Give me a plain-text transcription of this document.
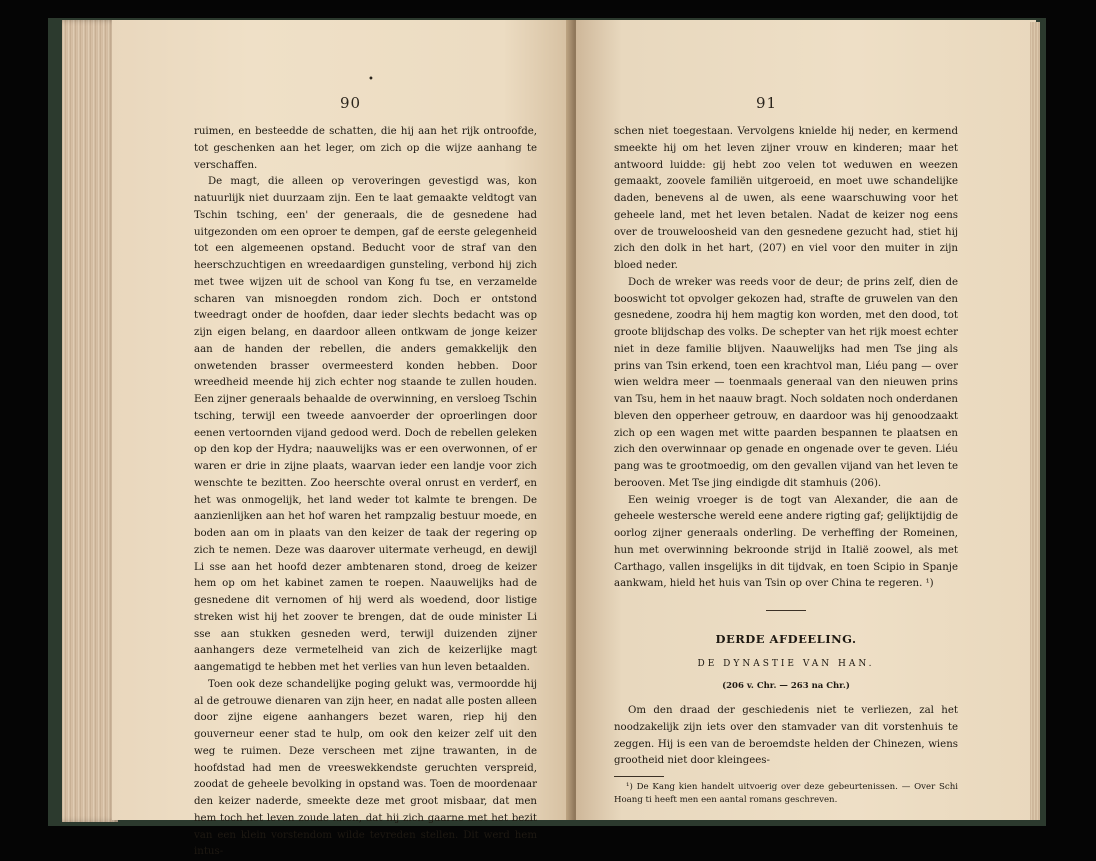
•
90

ruimen, en besteedde de schatten, die hij aan het rijk ontroofde, tot geschenken aan het leger, om zich op die wijze aanhang te verschaffen.

De magt, die alleen op veroveringen gevestigd was, kon natuurlijk niet duurzaam zijn. Een te laat gemaakte veldtogt van Tschin tsching, een' der generaals, die de gesnedene had uitgezonden om een oproer te dempen, gaf de eerste gelegenheid tot een algemeenen opstand. Beducht voor de straf van den heerschzuchtigen en wreedaardigen gunsteling, verbond hij zich met twee wijzen uit de school van Kong fu tse, en verzamelde scharen van misnoegden rondom zich. Doch er ontstond tweedragt onder de hoofden, daar ieder slechts bedacht was op zijn eigen belang, en daardoor alleen ontkwam de jonge keizer aan de handen der rebellen, die anders gemakkelijk den onwetenden brasser overmeesterd konden hebben. Door wreedheid meende hij zich echter nog staande te zullen houden. Een zijner generaals behaalde de overwinning, en versloeg Tschin tsching, terwijl een tweede aanvoerder der oproerlingen door eenen vertoornden vijand gedood werd. Doch de rebellen geleken op den kop der Hydra; naauwelijks was er een overwonnen, of er waren er drie in zijne plaats, waarvan ieder een landje voor zich wenschte te bezitten. Zoo heerschte overal onrust en verderf, en het was onmogelijk, het land weder tot kalmte te brengen. De aanzienlijken aan het hof waren het rampzalig bestuur moede, en boden aan om in plaats van den keizer de taak der regering op zich te nemen. Deze was daarover uitermate verheugd, en dewijl Li sse aan het hoofd dezer ambtenaren stond, droeg de keizer hem op om het kabinet zamen te roepen. Naauwelijks had de gesnedene dit vernomen of hij werd als woedend, door listige streken wist hij het zoover te brengen, dat de oude minister Li sse aan stukken gesneden werd, terwijl duizenden zijner aanhangers deze vermetelheid van zich de keizerlijke magt aangematigd te hebben met het verlies van hun leven betaalden.

Toen ook deze schandelijke poging gelukt was, vermoordde hij al de getrouwe dienaren van zijn heer, en nadat alle posten alleen door zijne eigene aanhangers bezet waren, riep hij den gouverneur eener stad te hulp, om ook den keizer zelf uit den weg te ruimen. Deze verscheen met zijne trawanten, in de hoofdstad had men de vreeswekkendste geruchten verspreid, zoodat de geheele bevolking in opstand was. Toen de moordenaar den keizer naderde, smeekte deze met groot misbaar, dat men hem toch het leven zoude laten, dat hij zich gaarne met het bezit van een klein vorstendom wilde tevreden stellen. Dit werd hem intus-

91

schen niet toegestaan. Vervolgens knielde hij neder, en kermend smeekte hij om het leven zijner vrouw en kinderen; maar het antwoord luidde: gij hebt zoo velen tot weduwen en weezen gemaakt, zoovele familiën uitgeroeid, en moet uwe schandelijke daden, benevens al de uwen, als eene waarschuwing voor het geheele land, met het leven betalen. Nadat de keizer nog eens over de trouweloosheid van den gesnedene gezucht had, stiet hij zich den dolk in het hart, (207) en viel voor den muiter in zijn bloed neder.

Doch de wreker was reeds voor de deur; de prins zelf, dien de booswicht tot opvolger gekozen had, strafte de gruwelen van den gesnedene, zoodra hij hem magtig kon worden, met den dood, tot groote blijdschap des volks. De schepter van het rijk moest echter niet in deze familie blijven. Naauwelijks had men Tse jing als prins van Tsin erkend, toen een krachtvol man, Liéu pang — over wien weldra meer — toenmaals generaal van den nieuwen prins van Tsu, hem in het naauw bragt. Noch soldaten noch onderdanen bleven den opperheer getrouw, en daardoor was hij genoodzaakt zich op een wagen met witte paarden bespannen te plaatsen en zich den overwinnaar op genade en ongenade over te geven. Liéu pang was te grootmoedig, om den gevallen vijand van het leven te berooven. Met Tse jing eindigde dit stamhuis (206).

Een weinig vroeger is de togt van Alexander, die aan de geheele westersche wereld eene andere rigting gaf; gelijktijdig de oorlog zijner generaals onderling. De verheffing der Romeinen, hun met overwinning bekroonde strijd in Italië zoowel, als met Carthago, vallen insgelijks in dit tijdvak, en toen Scipio in Spanje aankwam, hield het huis van Tsin op over China te regeren. ¹)

DERDE AFDEELING.
DE DYNASTIE VAN HAN.
(206 v. Chr. — 263 na Chr.)

Om den draad der geschiedenis niet te verliezen, zal het noodzakelijk zijn iets over den stamvader van dit vorstenhuis te zeggen. Hij is een van de beroemdste helden der Chinezen, wiens grootheid niet door kleingees-

¹) De Kang kien handelt uitvoerig over deze gebeurtenissen. — Over Schi Hoang ti heeft men een aantal romans geschreven.
